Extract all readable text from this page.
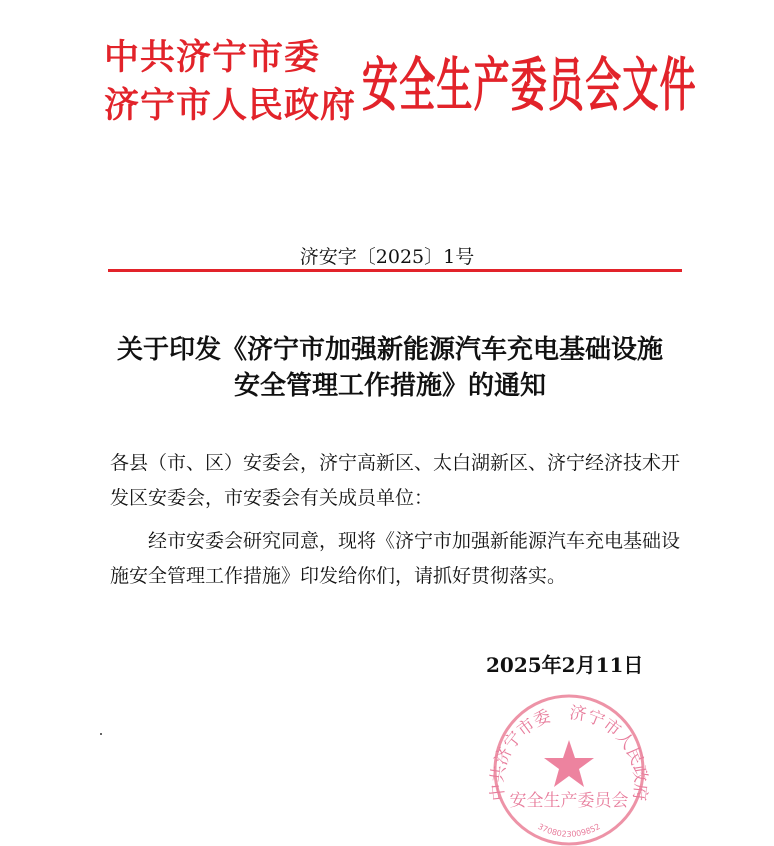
中共济宁市委
济宁市人民政府 安全生产委员会文件
济安字〔2025〕1号
关于印发《济宁市加强新能源汽车充电基础设施
安全管理工作措施》的通知
各县（市、区）安委会，济宁高新区、太白湖新区、济宁经济技术开发区安委会，市安委会有关成员单位：
经市安委会研究同意，现将《济宁市加强新能源汽车充电基础设施安全管理工作措施》印发给你们，请抓好贯彻落实。
2025年2月11日
中共济宁市委　济宁市人民政府
安全生产委员会
3708023009852
